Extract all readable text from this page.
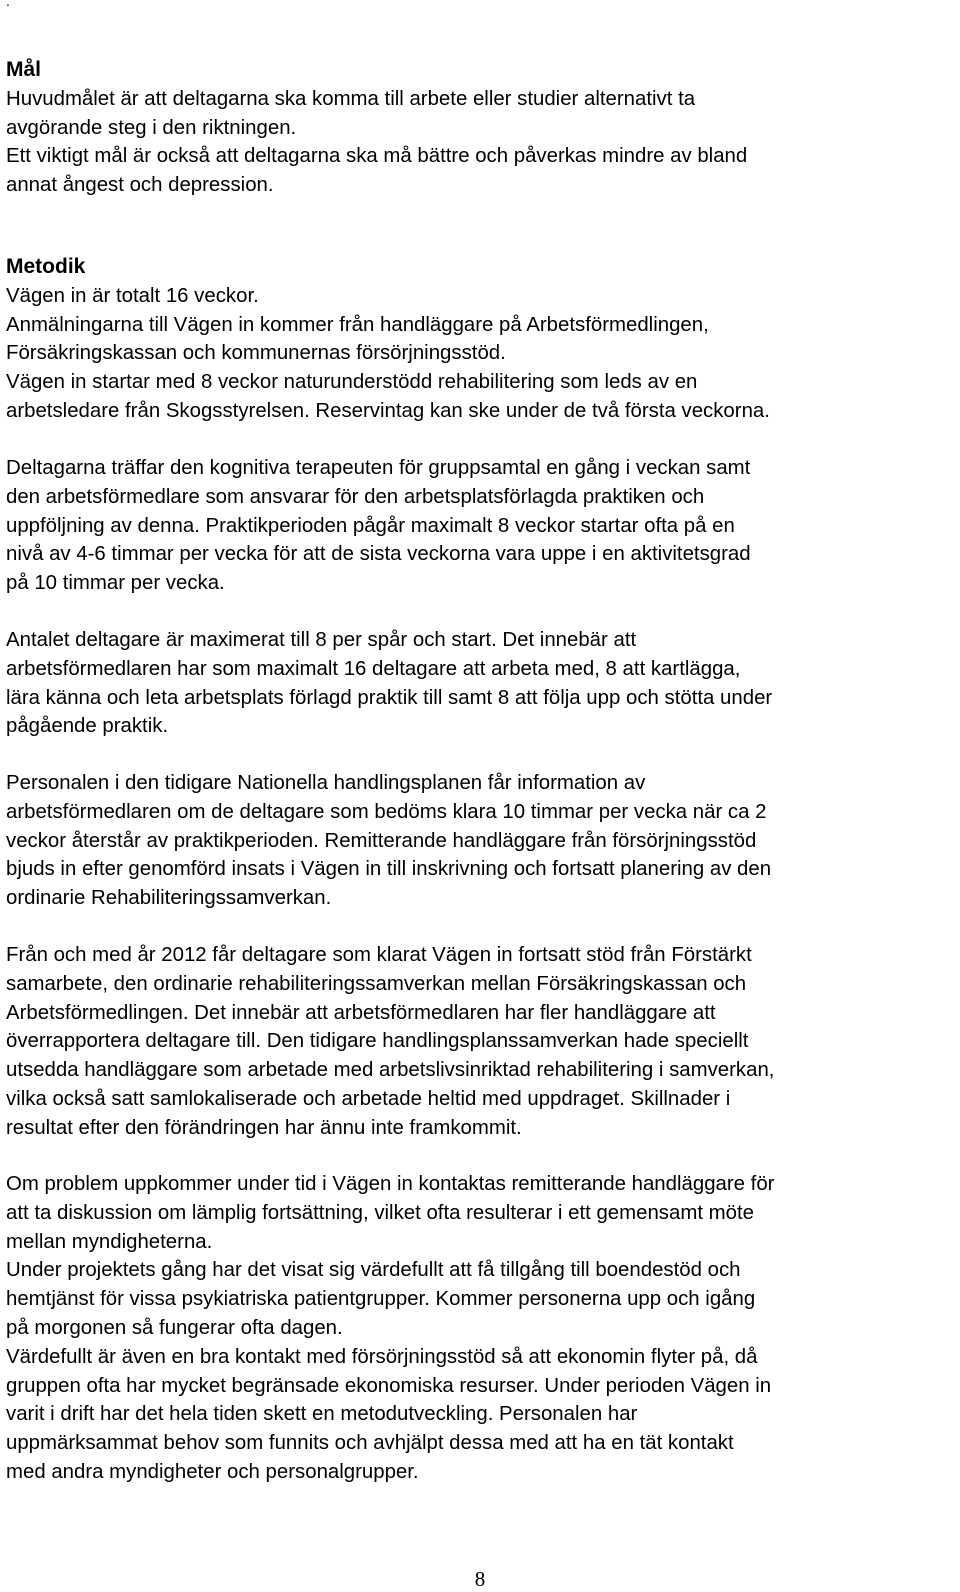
.
Mål
Huvudmålet är att deltagarna ska komma till arbete eller studier alternativt ta
avgörande steg i den riktningen.
Ett viktigt mål är också att deltagarna ska må bättre och påverkas mindre av bland
annat ångest och depression.
Metodik
Vägen in är totalt 16 veckor.
Anmälningarna till Vägen in kommer från handläggare på Arbetsförmedlingen,
Försäkringskassan och kommunernas försörjningsstöd.
Vägen in startar med 8 veckor naturunderstödd rehabilitering som leds av en
arbetsledare från Skogsstyrelsen. Reservintag kan ske under de två första veckorna.
Deltagarna träffar den kognitiva terapeuten för gruppsamtal en gång i veckan samt
den arbetsförmedlare som ansvarar för den arbetsplatsförlagda praktiken och
uppföljning av denna. Praktikperioden pågår maximalt 8 veckor startar ofta på en
nivå av 4-6 timmar per vecka för att de sista veckorna vara uppe i en aktivitetsgrad
på 10 timmar per vecka.
Antalet deltagare är maximerat till 8 per spår och start. Det innebär att
arbetsförmedlaren har som maximalt 16 deltagare att arbeta med, 8 att kartlägga,
lära känna och leta arbetsplats förlagd praktik till samt 8 att följa upp och stötta under
pågående praktik.
Personalen i den tidigare Nationella handlingsplanen får information av
arbetsförmedlaren om de deltagare som bedöms klara 10 timmar per vecka när ca 2
veckor återstår av praktikperioden. Remitterande handläggare från försörjningsstöd
bjuds in efter genomförd insats i Vägen in till inskrivning och fortsatt planering av den
ordinarie Rehabiliteringssamverkan.
Från och med år 2012 får deltagare som klarat Vägen in fortsatt stöd från Förstärkt
samarbete, den ordinarie rehabiliteringssamverkan mellan Försäkringskassan och
Arbetsförmedlingen. Det innebär att arbetsförmedlaren har fler handläggare att
överrapportera deltagare till. Den tidigare handlingsplanssamverkan hade speciellt
utsedda handläggare som arbetade med arbetslivsinriktad rehabilitering i samverkan,
vilka också satt samlokaliserade och arbetade heltid med uppdraget. Skillnader i
resultat efter den förändringen har ännu inte framkommit.
Om problem uppkommer under tid i Vägen in kontaktas remitterande handläggare för
att ta diskussion om lämplig fortsättning, vilket ofta resulterar i ett gemensamt möte
mellan myndigheterna.
Under projektets gång har det visat sig värdefullt att få tillgång till boendestöd och
hemtjänst för vissa psykiatriska patientgrupper. Kommer personerna upp och igång
på morgonen så fungerar ofta dagen.
Värdefullt är även en bra kontakt med försörjningsstöd så att ekonomin flyter på, då
gruppen ofta har mycket begränsade ekonomiska resurser. Under perioden Vägen in
varit i drift har det hela tiden skett en metodutveckling. Personalen har
uppmärksammat behov som funnits och avhjälpt dessa med att ha en tät kontakt
med andra myndigheter och personalgrupper.
8
